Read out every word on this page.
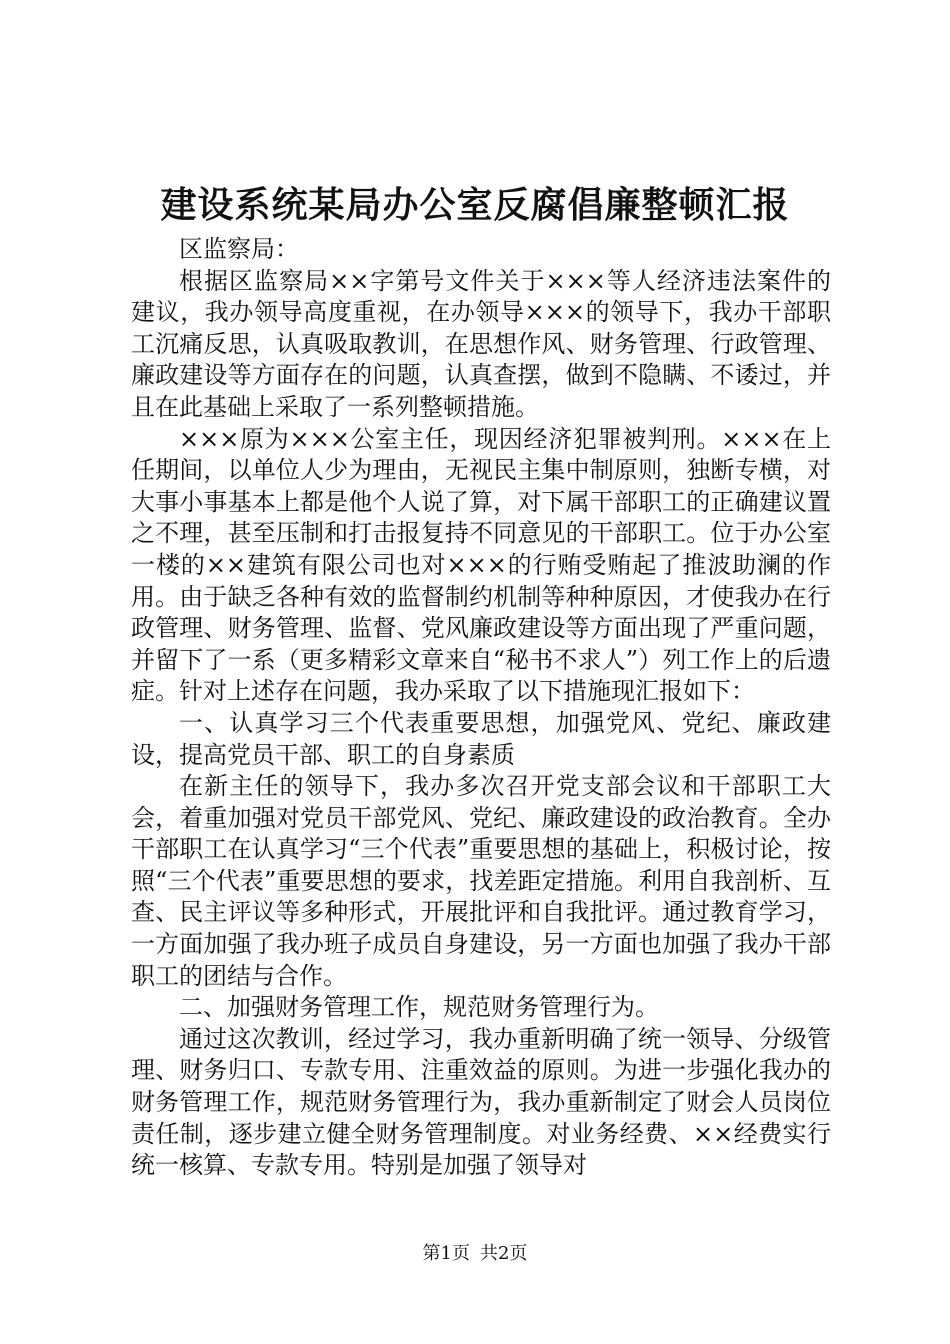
建设系统某局办公室反腐倡廉整顿汇报

区监察局：

根据区监察局××字第号文件关于×××等人经济违法案件的建议，我办领导高度重视，在办领导×××的领导下，我办干部职工沉痛反思，认真吸取教训，在思想作风、财务管理、行政管理、廉政建设等方面存在的问题，认真查摆，做到不隐瞒、不诿过，并且在此基础上采取了一系列整顿措施。

×××原为×××公室主任，现因经济犯罪被判刑。×××在上任期间，以单位人少为理由，无视民主集中制原则，独断专横，对大事小事基本上都是他个人说了算，对下属干部职工的正确建议置之不理，甚至压制和打击报复持不同意见的干部职工。位于办公室一楼的××建筑有限公司也对×××的行贿受贿起了推波助澜的作用。由于缺乏各种有效的监督制约机制等种种原因，才使我办在行政管理、财务管理、监督、党风廉政建设等方面出现了严重问题，并留下了一系（更多精彩文章来自“秘书不求人”）列工作上的后遗症。针对上述存在问题，我办采取了以下措施现汇报如下：

一、认真学习三个代表重要思想，加强党风、党纪、廉政建设，提高党员干部、职工的自身素质

在新主任的领导下，我办多次召开党支部会议和干部职工大会，着重加强对党员干部党风、党纪、廉政建设的政治教育。全办干部职工在认真学习“三个代表”重要思想的基础上，积极讨论，按照“三个代表”重要思想的要求，找差距定措施。利用自我剖析、互查、民主评议等多种形式，开展批评和自我批评。通过教育学习，一方面加强了我办班子成员自身建设，另一方面也加强了我办干部职工的团结与合作。

二、加强财务管理工作，规范财务管理行为。

通过这次教训，经过学习，我办重新明确了统一领导、分级管理、财务归口、专款专用、注重效益的原则。为进一步强化我办的财务管理工作，规范财务管理行为，我办重新制定了财会人员岗位责任制，逐步建立健全财务管理制度。对业务经费、××经费实行统一核算、专款专用。特别是加强了领导对

第1页 共2页
